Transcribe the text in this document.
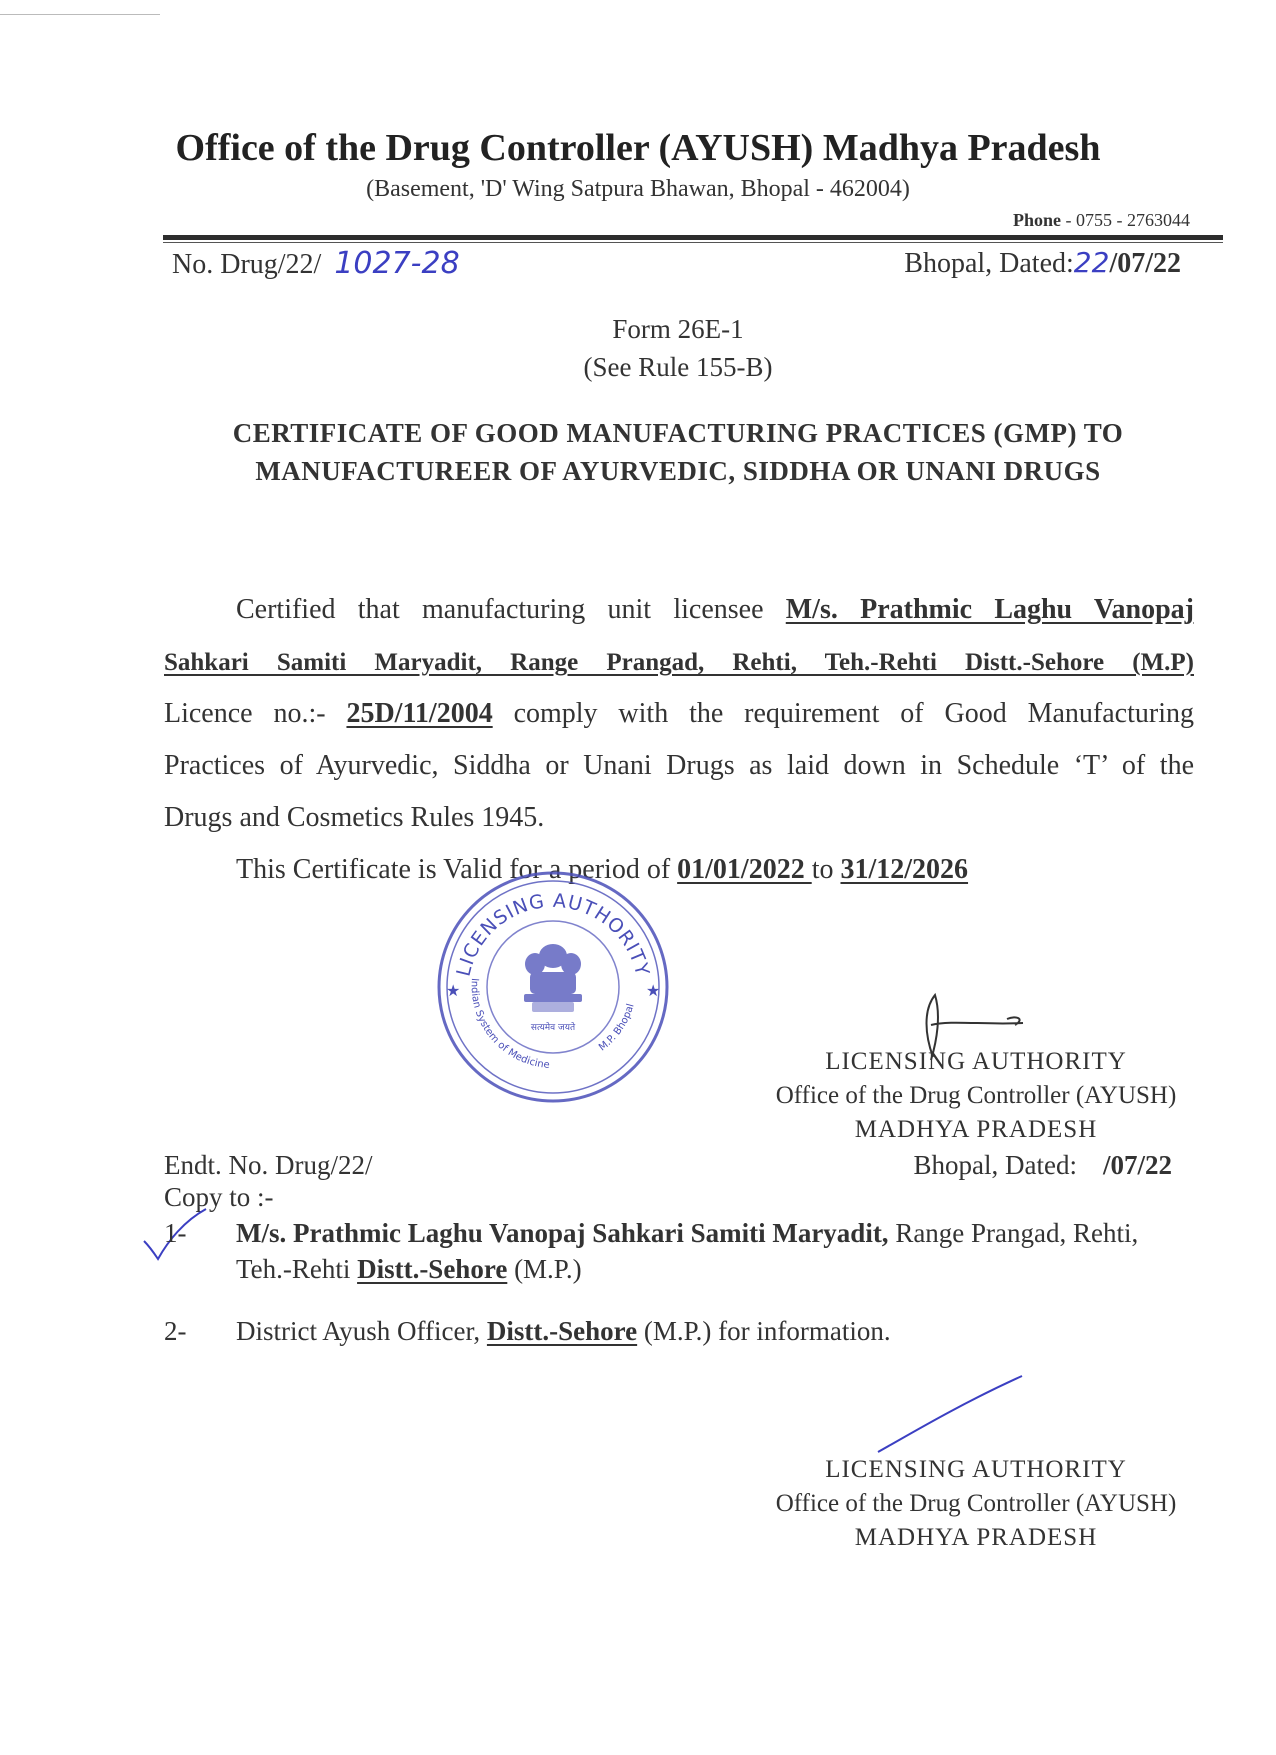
Office of the Drug Controller (AYUSH) Madhya Pradesh
(Basement, 'D' Wing Satpura Bhawan, Bhopal - 462004)
Phone - 0755 - 2763044
No. Drug/22/ 1027-28	Bhopal, Dated:22/07/22
Form 26E-1
(See Rule 155-B)
CERTIFICATE OF GOOD MANUFACTURING PRACTICES (GMP) TO
MANUFACTUREER OF AYURVEDIC, SIDDHA OR UNANI DRUGS
Certified that manufacturing unit licensee M/s. Prathmic Laghu Vanopaj
Sahkari Samiti Maryadit, Range Prangad, Rehti, Teh.-Rehti Distt.-Sehore (M.P)
Licence no.:- 25D/11/2004 comply with the requirement of Good Manufacturing
Practices of Ayurvedic, Siddha or Unani Drugs as laid down in Schedule ‘T’ of the
Drugs and Cosmetics Rules 1945.
This Certificate is Valid for a period of 01/01/2022 to 31/12/2026
LICENSING AUTHORITY
Indian System of Medicine
M.P. Bhopal
★	★
सत्यमेव जयते
LICENSING AUTHORITY
Office of the Drug Controller (AYUSH)
MADHYA PRADESH
Endt. No. Drug/22/	Bhopal, Dated: /07/22
Copy to :-
1- M/s. Prathmic Laghu Vanopaj Sahkari Samiti Maryadit, Range Prangad, Rehti,
Teh.-Rehti Distt.-Sehore (M.P.)
2- District Ayush Officer, Distt.-Sehore (M.P.) for information.
LICENSING AUTHORITY
Office of the Drug Controller (AYUSH)
MADHYA PRADESH
